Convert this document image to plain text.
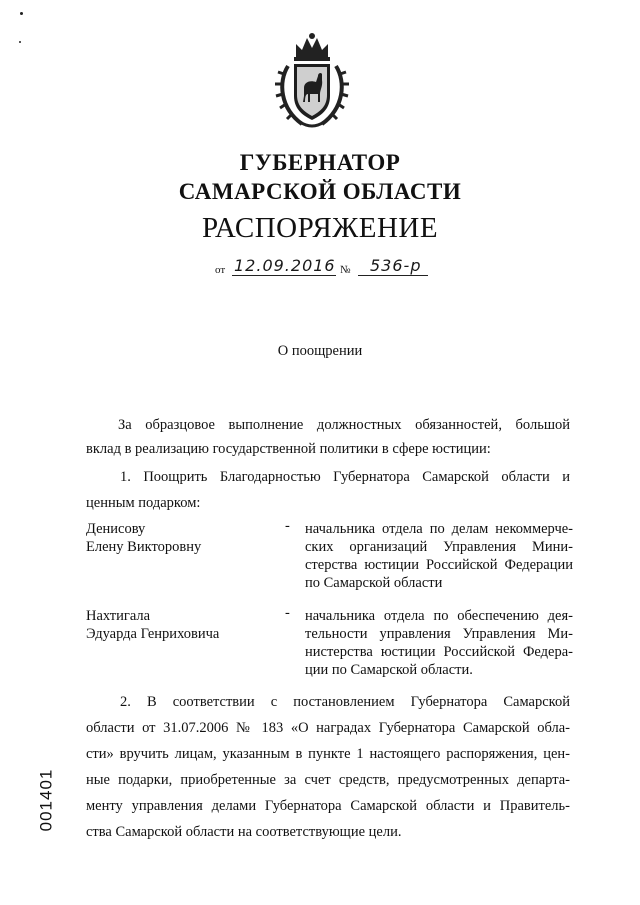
ГУБЕРНАТОР
САМАРСКОЙ ОБЛАСТИ
РАСПОРЯЖЕНИЕ
от 12.09.2016 № 536-р
О поощрении
За образцовое выполнение должностных обязанностей, большой
вклад в реализацию государственной политики в сфере юстиции:
1. Поощрить Благодарностью Губернатора Самарской области и
ценным подарком:
Денисову
Елену Викторовну
- начальника отдела по делам некоммерче-
ских организаций Управления Мини-
стерства юстиции Российской Федерации
по Самарской области
Нахтигала
Эдуарда Генриховича
- начальника отдела по обеспечению дея-
тельности управления Управления Ми-
нистерства юстиции Российской Федера-
ции по Самарской области.
2. В соответствии с постановлением Губернатора Самарской
области от 31.07.2006 № 183 «О наградах Губернатора Самарской обла-
сти» вручить лицам, указанным в пункте 1 настоящего распоряжения, цен-
ные подарки, приобретенные за счет средств, предусмотренных департа-
менту управления делами Губернатора Самарской области и Правитель-
ства Самарской области на соответствующие цели.
001401
